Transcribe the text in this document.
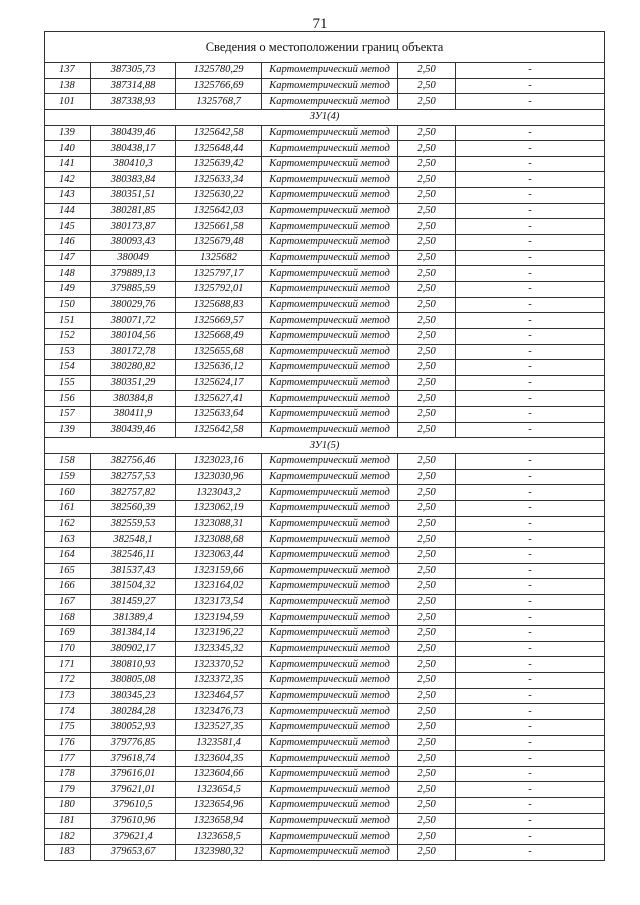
71
Сведения о местоположении границ объекта					
137	387305,73	1325780,29	Картометрический метод	2,50	-
138	387314,88	1325766,69	Картометрический метод	2,50	-
101	387338,93	1325768,7	Картометрический метод	2,50	-
ЗУ1(4)					
139	380439,46	1325642,58	Картометрический метод	2,50	-
140	380438,17	1325648,44	Картометрический метод	2,50	-
141	380410,3	1325639,42	Картометрический метод	2,50	-
142	380383,84	1325633,34	Картометрический метод	2,50	-
143	380351,51	1325630,22	Картометрический метод	2,50	-
144	380281,85	1325642,03	Картометрический метод	2,50	-
145	380173,87	1325661,58	Картометрический метод	2,50	-
146	380093,43	1325679,48	Картометрический метод	2,50	-
147	380049	1325682	Картометрический метод	2,50	-
148	379889,13	1325797,17	Картометрический метод	2,50	-
149	379885,59	1325792,01	Картометрический метод	2,50	-
150	380029,76	1325688,83	Картометрический метод	2,50	-
151	380071,72	1325669,57	Картометрический метод	2,50	-
152	380104,56	1325668,49	Картометрический метод	2,50	-
153	380172,78	1325655,68	Картометрический метод	2,50	-
154	380280,82	1325636,12	Картометрический метод	2,50	-
155	380351,29	1325624,17	Картометрический метод	2,50	-
156	380384,8	1325627,41	Картометрический метод	2,50	-
157	380411,9	1325633,64	Картометрический метод	2,50	-
139	380439,46	1325642,58	Картометрический метод	2,50	-
ЗУ1(5)					
158	382756,46	1323023,16	Картометрический метод	2,50	-
159	382757,53	1323030,96	Картометрический метод	2,50	-
160	382757,82	1323043,2	Картометрический метод	2,50	-
161	382560,39	1323062,19	Картометрический метод	2,50	-
162	382559,53	1323088,31	Картометрический метод	2,50	-
163	382548,1	1323088,68	Картометрический метод	2,50	-
164	382546,11	1323063,44	Картометрический метод	2,50	-
165	381537,43	1323159,66	Картометрический метод	2,50	-
166	381504,32	1323164,02	Картометрический метод	2,50	-
167	381459,27	1323173,54	Картометрический метод	2,50	-
168	381389,4	1323194,59	Картометрический метод	2,50	-
169	381384,14	1323196,22	Картометрический метод	2,50	-
170	380902,17	1323345,32	Картометрический метод	2,50	-
171	380810,93	1323370,52	Картометрический метод	2,50	-
172	380805,08	1323372,35	Картометрический метод	2,50	-
173	380345,23	1323464,57	Картометрический метод	2,50	-
174	380284,28	1323476,73	Картометрический метод	2,50	-
175	380052,93	1323527,35	Картометрический метод	2,50	-
176	379776,85	1323581,4	Картометрический метод	2,50	-
177	379618,74	1323604,35	Картометрический метод	2,50	-
178	379616,01	1323604,66	Картометрический метод	2,50	-
179	379621,01	1323654,5	Картометрический метод	2,50	-
180	379610,5	1323654,96	Картометрический метод	2,50	-
181	379610,96	1323658,94	Картометрический метод	2,50	-
182	379621,4	1323658,5	Картометрический метод	2,50	-
183	379653,67	1323980,32	Картометрический метод	2,50	-
